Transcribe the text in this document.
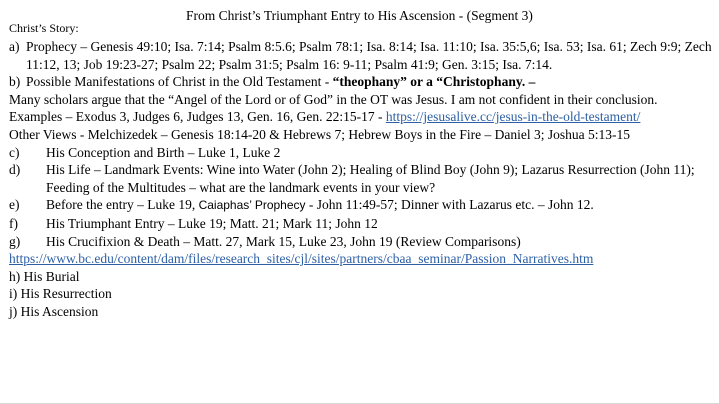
From Christ’s Triumphant Entry to His Ascension - (Segment 3)
Christ’s Story:
a) Prophecy – Genesis 49:10; Isa. 7:14; Psalm 8:5.6; Psalm 78:1; Isa. 8:14; Isa. 11:10; Isa. 35:5,6; Isa. 53; Isa. 61; Zech 9:9; Zech 11:12, 13; Job 19:23-27; Psalm 22; Psalm 31:5; Psalm 16: 9-11; Psalm 41:9; Gen. 3:15; Isa. 7:14.
b) Possible Manifestations of Christ in the Old Testament - “theophany” or a “Christophany. –
Many scholars argue that the “Angel of the Lord or of God” in the OT was Jesus. I am not confident in their conclusion. Examples – Exodus 3, Judges 6, Judges 13, Gen. 16, Gen. 22:15-17 - https://jesusalive.cc/jesus-in-the-old-testament/
Other Views - Melchizedek – Genesis 18:14-20 & Hebrews 7; Hebrew Boys in the Fire – Daniel 3; Joshua 5:13-15
c)	His Conception and Birth – Luke 1, Luke 2
d)	His Life – Landmark Events: Wine into Water (John 2); Healing of Blind Boy (John 9); Lazarus Resurrection (John 11); Feeding of the Multitudes – what are the landmark events in your view?
e)	Before the entry – Luke 19, Caiaphas’ Prophecy - John 11:49-57; Dinner with Lazarus etc. – John 12.
f)	His Triumphant Entry – Luke 19; Matt. 21; Mark 11; John 12
g)	His Crucifixion & Death – Matt. 27, Mark 15, Luke 23, John 19 (Review Comparisons)
https://www.bc.edu/content/dam/files/research_sites/cjl/sites/partners/cbaa_seminar/Passion_Narratives.htm
h) His Burial
i) His Resurrection
j) His Ascension
